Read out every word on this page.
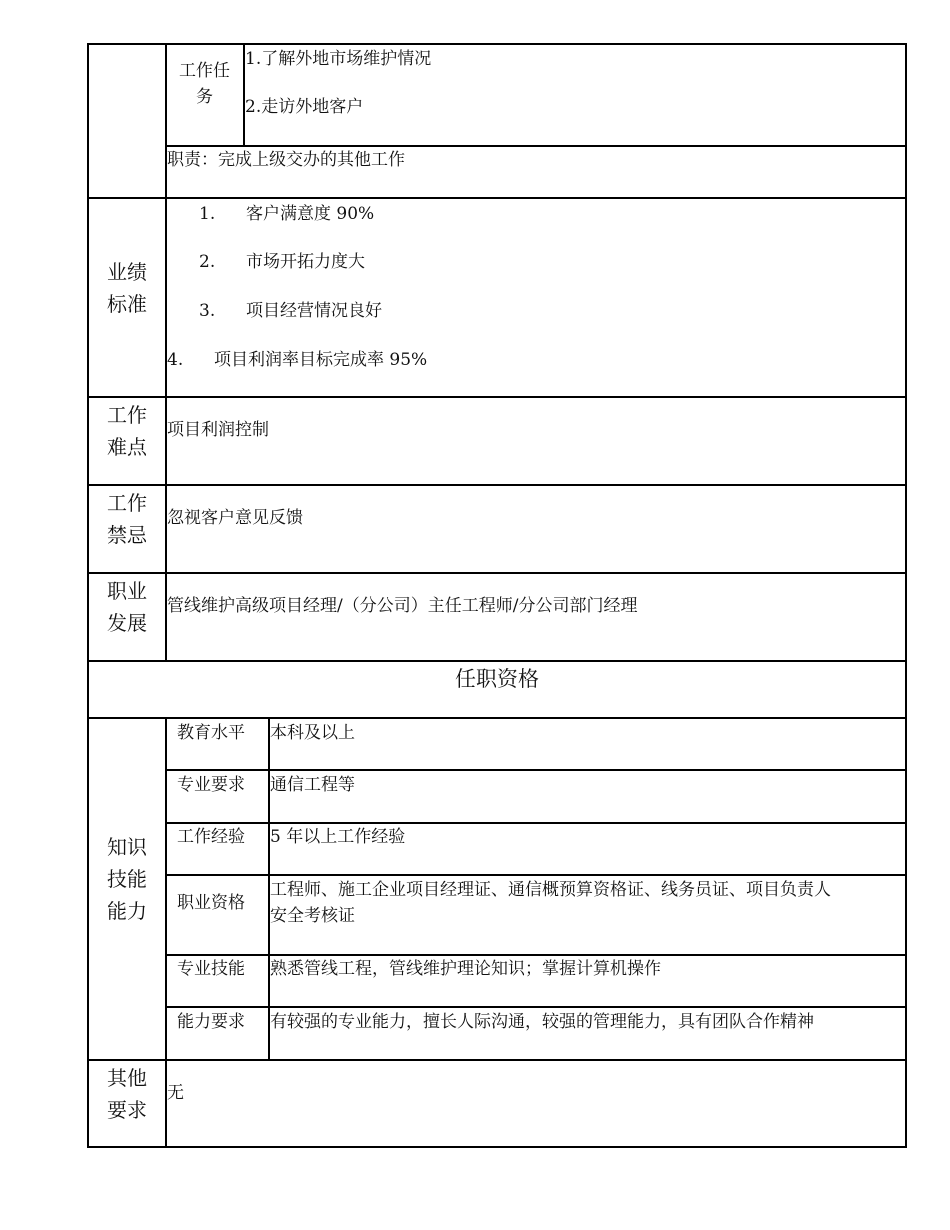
工作任
务
1.了解外地市场维护情况
2.走访外地客户
职责：完成上级交办的其他工作
业绩
标准
1. 客户满意度 90%
2. 市场开拓力度大
3. 项目经营情况良好
4. 项目利润率目标完成率 95%
工作
难点
项目利润控制
工作
禁忌
忽视客户意见反馈
职业
发展
管线维护高级项目经理/（分公司）主任工程师/分公司部门经理
任职资格
知识
技能
能力
教育水平 本科及以上
专业要求 通信工程等
工作经验 5 年以上工作经验
职业资格
工程师、施工企业项目经理证、通信概预算资格证、线务员证、项目负责人
安全考核证
专业技能 熟悉管线工程，管线维护理论知识；掌握计算机操作
能力要求 有较强的专业能力，擅长人际沟通，较强的管理能力，具有团队合作精神
其他
要求
无
